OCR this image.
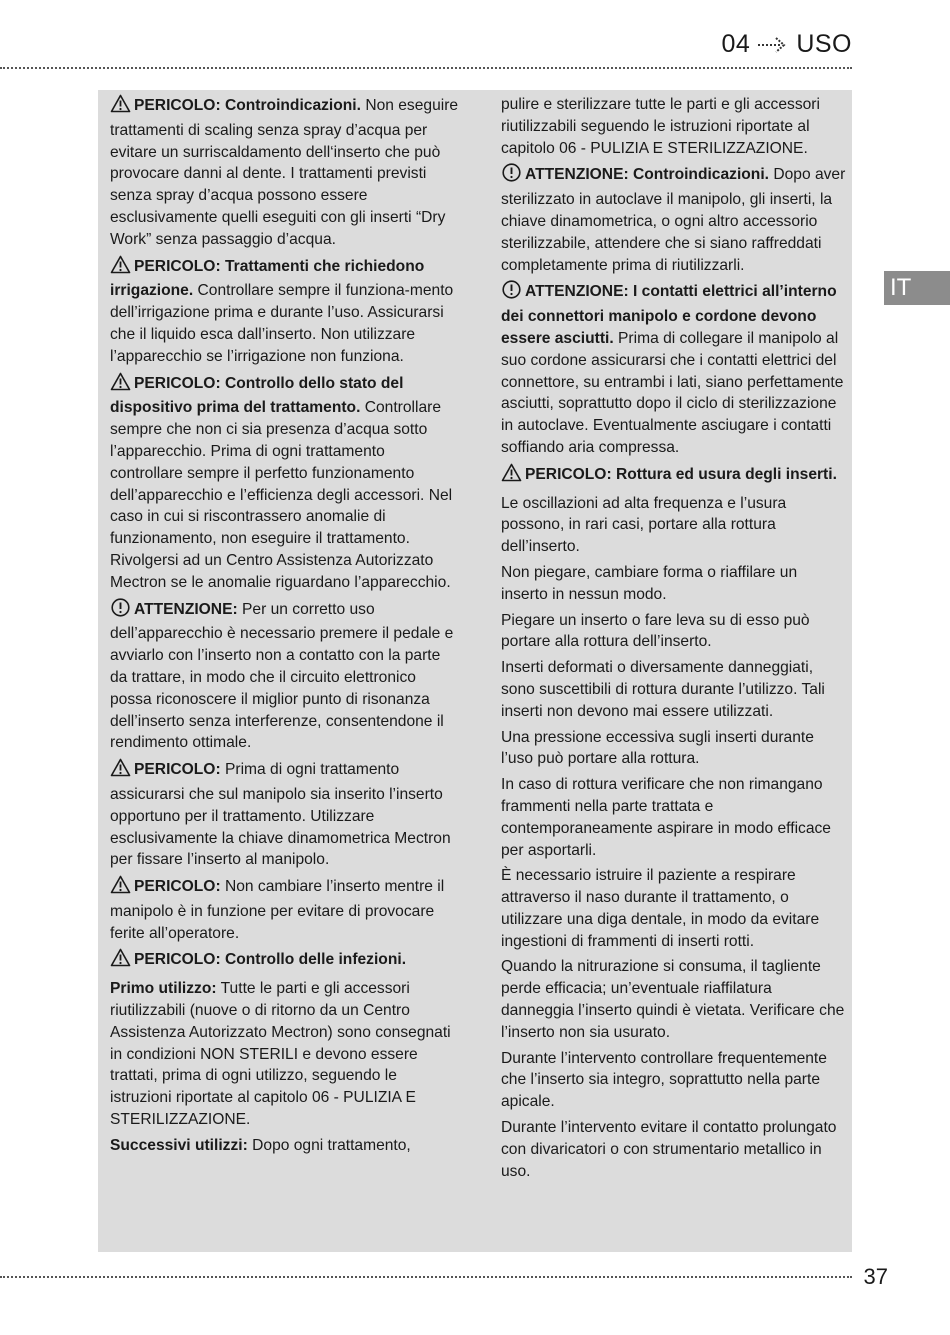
04 USO
IT

PERICOLO: Controindicazioni. Non eseguire trattamenti di scaling senza spray d’acqua per evitare un surriscaldamento dell‘inserto che può provocare danni al dente. I trattamenti previsti senza spray d’acqua possono essere esclusivamente quelli eseguiti con gli inserti “Dry Work” senza passaggio d’acqua.

PERICOLO: Trattamenti che richiedono irrigazione. Controllare sempre il funziona-mento dell’irrigazione prima e durante l’uso. Assicurarsi che il liquido esca dall’inserto. Non utilizzare l’apparecchio se l’irrigazione non funziona.

PERICOLO: Controllo dello stato del dispositivo prima del trattamento. Controllare sempre che non ci sia presenza d’acqua sotto l’apparecchio. Prima di ogni trattamento controllare sempre il perfetto funzionamento dell’apparecchio e l’efficienza degli accessori. Nel caso in cui si riscontrassero anomalie di funzionamento, non eseguire il trattamento. Rivolgersi ad un Centro Assistenza Autorizzato Mectron se le anomalie riguardano l’apparecchio.

ATTENZIONE: Per un corretto uso dell’apparecchio è necessario premere il pedale e avviarlo con l’inserto non a contatto con la parte da trattare, in modo che il circuito elettronico possa riconoscere il miglior punto di risonanza dell’inserto senza interferenze, consentendone il rendimento ottimale.

PERICOLO: Prima di ogni trattamento assicurarsi che sul manipolo sia inserito l’inserto opportuno per il trattamento. Utilizzare esclusivamente la chiave dinamometrica Mectron per fissare l’inserto al manipolo.

PERICOLO: Non cambiare l’inserto mentre il manipolo è in funzione per evitare di provocare ferite all’operatore.

PERICOLO: Controllo delle infezioni.

Primo utilizzo: Tutte le parti e gli accessori riutilizzabili (nuove o di ritorno da un Centro Assistenza Autorizzato Mectron) sono consegnati in condizioni NON STERILI e devono essere trattati, prima di ogni utilizzo, seguendo le istruzioni riportate al capitolo 06 - PULIZIA E STERILIZZAZIONE.

Successivi utilizzi: Dopo ogni trattamento,

pulire e sterilizzare tutte le parti e gli accessori riutilizzabili seguendo le istruzioni riportate al capitolo 06 - PULIZIA E STERILIZZAZIONE.

ATTENZIONE: Controindicazioni. Dopo aver sterilizzato in autoclave il manipolo, gli inserti, la chiave dinamometrica, o ogni altro accessorio sterilizzabile, attendere che si siano raffreddati completamente prima di riutilizzarli.

ATTENZIONE: I contatti elettrici all’interno dei connettori manipolo e cordone devono essere asciutti. Prima di collegare il manipolo al suo cordone assicurarsi che i contatti elettrici del connettore, su entrambi i lati, siano perfettamente asciutti, soprattutto dopo il ciclo di sterilizzazione in autoclave. Eventualmente asciugare i contatti soffiando aria compressa.

PERICOLO: Rottura ed usura degli inserti.

Le oscillazioni ad alta frequenza e l’usura possono, in rari casi, portare alla rottura dell’inserto.

Non piegare, cambiare forma o riaffilare un inserto in nessun modo.

Piegare un inserto o fare leva su di esso può portare alla rottura dell’inserto.

Inserti deformati o diversamente danneggiati, sono suscettibili di rottura durante l’utilizzo. Tali inserti non devono mai essere utilizzati.

Una pressione eccessiva sugli inserti durante l’uso può portare alla rottura.

In caso di rottura verificare che non rimangano frammenti nella parte trattata e contemporaneamente aspirare in modo efficace per asportarli.

È necessario istruire il paziente a respirare attraverso il naso durante il trattamento, o utilizzare una diga dentale, in modo da evitare ingestioni di frammenti di inserti rotti.

Quando la nitrurazione si consuma, il tagliente perde efficacia; un’eventuale riaffilatura danneggia l’inserto quindi è vietata. Verificare che l’inserto non sia usurato.

Durante l’intervento controllare frequentemente che l’inserto sia integro, soprattutto nella parte apicale.

Durante l’intervento evitare il contatto prolungato con divaricatori o con strumentario metallico in uso.

37
